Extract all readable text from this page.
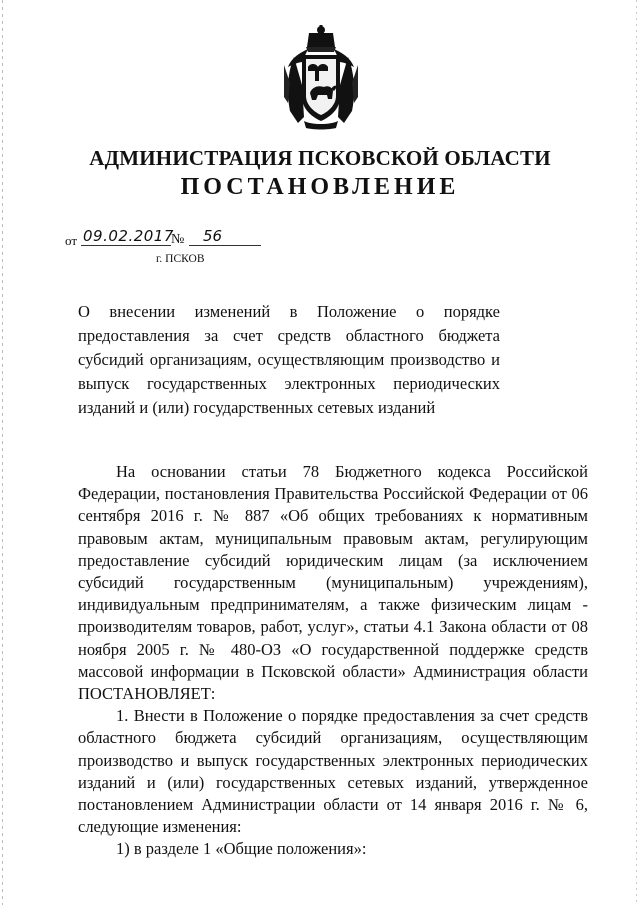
АДМИНИСТРАЦИЯ ПСКОВСКОЙ ОБЛАСТИ
ПОСТАНОВЛЕНИЕ
от 09.02.2017
№	56
г. ПСКОВ
О внесении изменений в Положение о порядке предоставления за счет средств областного бюджета субсидий организациям, осуществляющим производство и выпуск государственных электронных периодических изданий и (или) государственных сетевых изданий

На основании статьи 78 Бюджетного кодекса Российской Федерации, постановления Правительства Российской Федерации от 06 сентября 2016 г. № 887 «Об общих требованиях к нормативным правовым актам, муниципальным правовым актам, регулирующим предоставление субсидий юридическим лицам (за исключением субсидий государственным (муниципальным) учреждениям), индивидуальным предпринимателям, а также физическим лицам - производителям товаров, работ, услуг», статьи 4.1 Закона области от 08 ноября 2005 г. № 480-ОЗ «О государственной поддержке средств массовой информации в Псковской области» Администрация области ПОСТАНОВЛЯЕТ:

1. Внести в Положение о порядке предоставления за счет средств областного бюджета субсидий организациям, осуществляющим производство и выпуск государственных электронных периодических изданий и (или) государственных сетевых изданий, утвержденное постановлением Администрации области от 14 января 2016 г. № 6, следующие изменения:

1) в разделе 1 «Общие положения»:
